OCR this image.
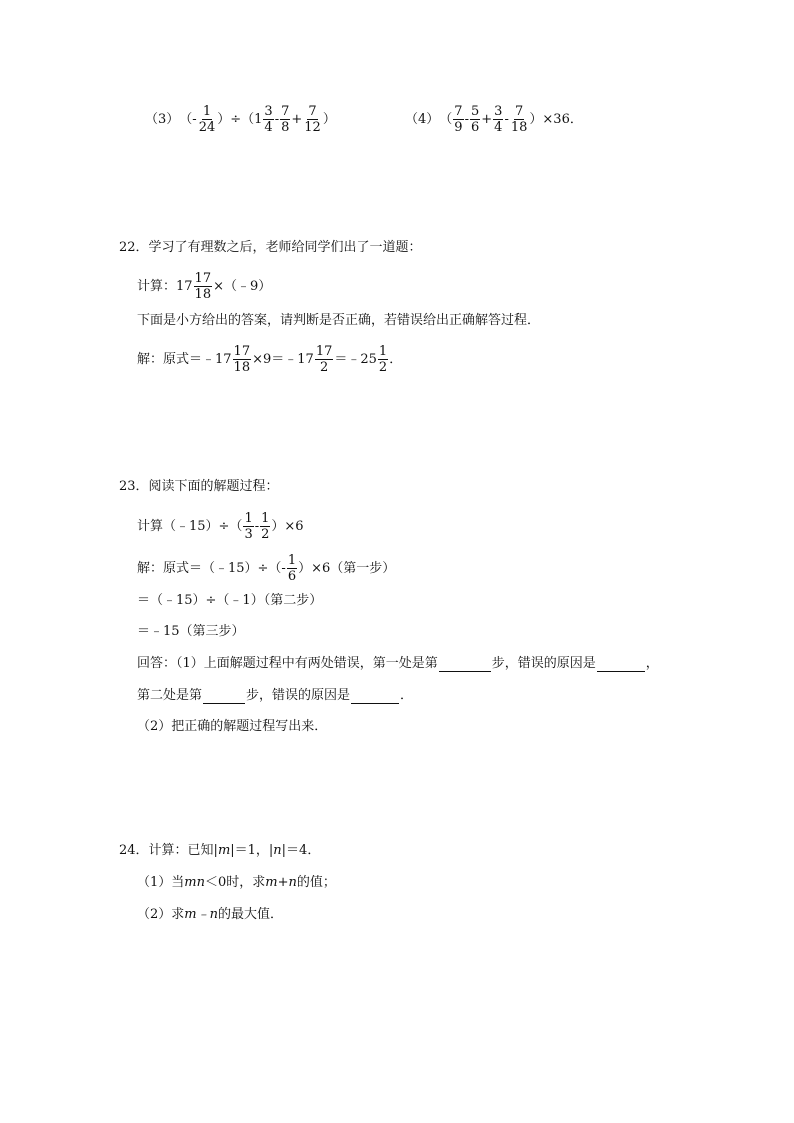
（3） （- $\frac{1}{24} )\div(1 \frac{3}{4} - \frac{7}{8} + \frac{7}{12}$ ）	（4） （ $\frac{7}{9} - \frac{5}{6} + \frac{3}{4} - \frac{7}{18} )\times 36$．
22．学习了有理数之后，老师给同学们出了一道题：
计算：$17 \frac{17}{18}$ ×（﹣9）
下面是小方给出的答案，请判断是否正确，若错误给出正确解答过程．
解：原式＝﹣17 $\frac{17}{18}$ ×9＝﹣17 $\frac{17}{2}$ ＝﹣25 $\frac{1}{2}$ ．
23．阅读下面的解题过程：
计算（﹣15）÷（ $\frac{1}{3} - \frac{1}{2} )\times 6$
解：原式＝（﹣15）÷（- $\frac{1}{6} )\times 6$（第一步）
＝（﹣15）÷（﹣1）（第二步）
＝﹣15（第三步）
回答：（1）上面解题过程中有两处错误，第一处是第	步，错误的原因是	，
第二处是第	步，错误的原因是	．
（2）把正确的解题过程写出来．
24．计算：已知| m |＝1，| n |＝4．
（1）当 mn ＜0时，求 m+n 的值；
（2）求 m﹣n 的最大值．
